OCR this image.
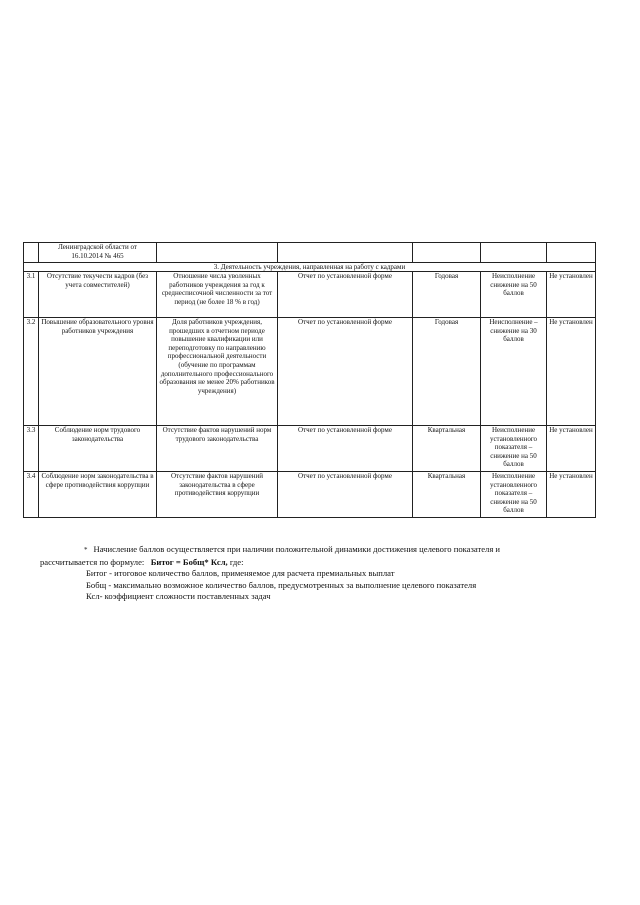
	Ленинградской области от
16.10.2014 № 465					
3. Деятельность учреждения, направленная на работу с кадрами						
3.1	Отсутствие текучести кадров (без учета совместителей)	Отношение числа уволенных работников учреждения за год к среднесписочной численности за тот период (не более 18 % в год)	Отчет по установленной форме	Годовая	Неисполнение снижение на 50 баллов	Не установлен
3.2	Повышение образовательного уровня работников учреждения	Доля работников учреждения, прошедших в отчетном периоде повышение квалификации или переподготовку по направлению профессиональной деятельности (обучение по программам дополнительного профессионального образования не менее 20% работников учреждения)	Отчет по установленной форме	Годовая	Неисполнение – снижение на 30 баллов	Не установлен
3.3	Соблюдение норм трудового законодательства	Отсутствие фактов нарушений норм трудового законодательства	Отчет по установленной форме	Квартальная	Неисполнение установленного показателя – снижение на 50 баллов	Не установлен
3.4	Соблюдение норм законодательства в сфере противодействия коррупции	Отсутствие фактов нарушений законодательства в сфере противодействия коррупции	Отчет по установленной форме	Квартальная	Неисполнение установленного показателя – снижение на 50 баллов	Не установлен

* Начисление баллов осуществляется при наличии положительной динамики достижения целевого показателя и

рассчитывается по формуле: Битог = Бобщ* Ксл, где:

Битог - итоговое количество баллов, применяемое для расчета премиальных выплат

Бобщ - максимально возможное количество баллов, предусмотренных за выполнение целевого показателя

Ксл- коэффициент сложности поставленных задач
